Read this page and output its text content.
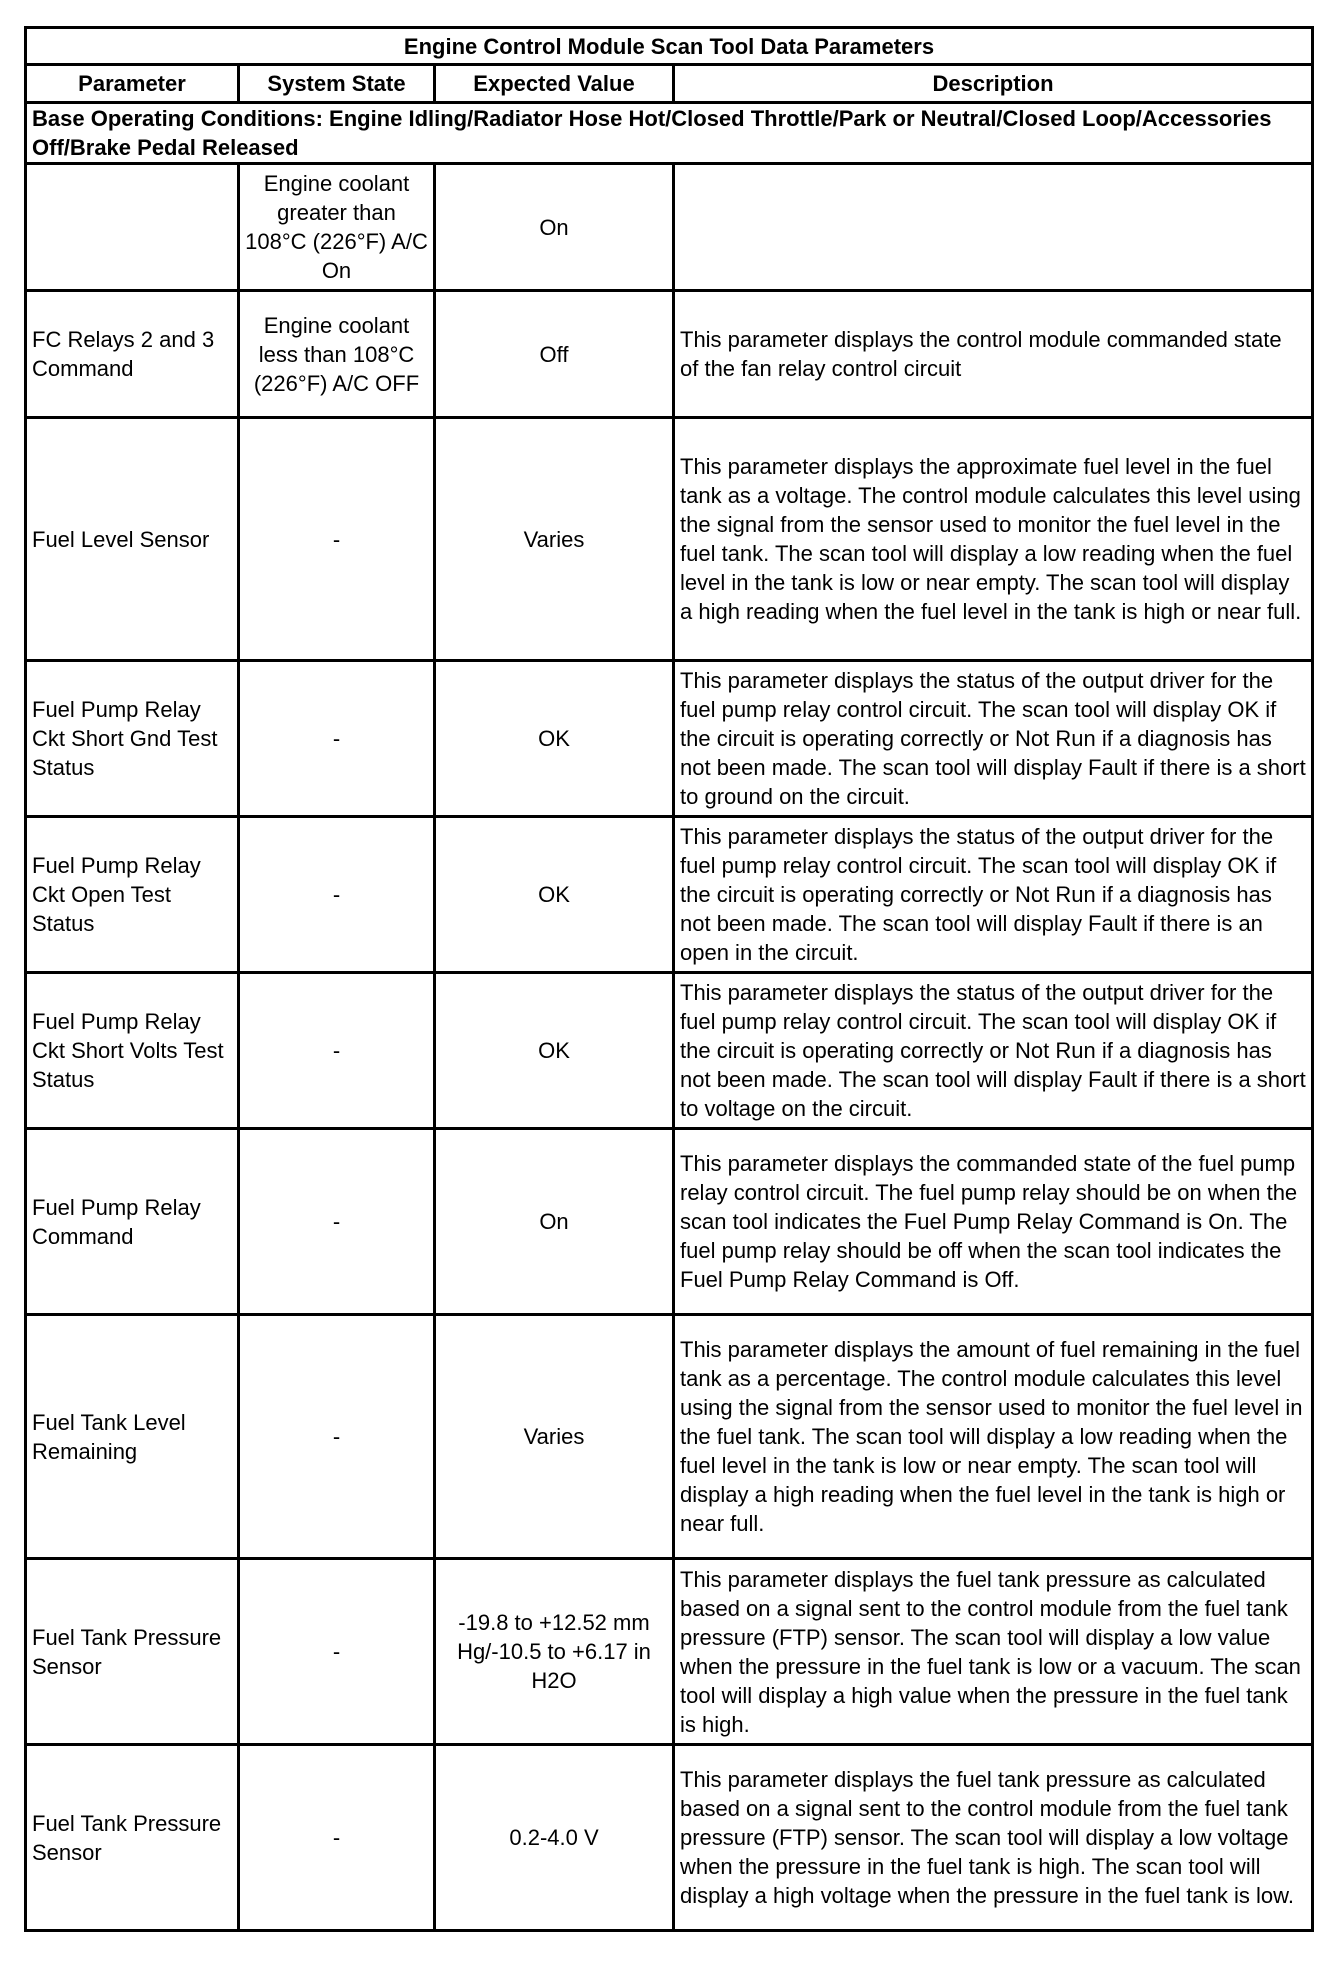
Engine Control Module Scan Tool Data Parameters			
Parameter	System State	Expected Value	Description
Base Operating Conditions: Engine Idling/Radiator Hose Hot/Closed Throttle/Park or Neutral/Closed Loop/Accessories Off/Brake Pedal Released			
	Engine coolant greater than 108°C (226°F) A/C On	On	
FC Relays 2 and 3 Command	Engine coolant less than 108°C (226°F) A/C OFF	Off	This parameter displays the control module commanded state of the fan relay control circuit
Fuel Level Sensor	-	Varies	This parameter displays the approximate fuel level in the fuel tank as a voltage. The control module calculates this level using the signal from the sensor used to monitor the fuel level in the fuel tank. The scan tool will display a low reading when the fuel level in the tank is low or near empty. The scan tool will display a high reading when the fuel level in the tank is high or near full.
Fuel Pump Relay Ckt Short Gnd Test Status	-	OK	This parameter displays the status of the output driver for the fuel pump relay control circuit. The scan tool will display OK if the circuit is operating correctly or Not Run if a diagnosis has not been made. The scan tool will display Fault if there is a short to ground on the circuit.
Fuel Pump Relay Ckt Open Test Status	-	OK	This parameter displays the status of the output driver for the fuel pump relay control circuit. The scan tool will display OK if the circuit is operating correctly or Not Run if a diagnosis has not been made. The scan tool will display Fault if there is an open in the circuit.
Fuel Pump Relay Ckt Short Volts Test Status	-	OK	This parameter displays the status of the output driver for the fuel pump relay control circuit. The scan tool will display OK if the circuit is operating correctly or Not Run if a diagnosis has not been made. The scan tool will display Fault if there is a short to voltage on the circuit.
Fuel Pump Relay Command	-	On	This parameter displays the commanded state of the fuel pump relay control circuit. The fuel pump relay should be on when the scan tool indicates the Fuel Pump Relay Command is On. The fuel pump relay should be off when the scan tool indicates the Fuel Pump Relay Command is Off.
Fuel Tank Level Remaining	-	Varies	This parameter displays the amount of fuel remaining in the fuel tank as a percentage. The control module calculates this level using the signal from the sensor used to monitor the fuel level in the fuel tank. The scan tool will display a low reading when the fuel level in the tank is low or near empty. The scan tool will display a high reading when the fuel level in the tank is high or near full.
Fuel Tank Pressure Sensor	-	-19.8 to +12.52 mm Hg/-10.5 to +6.17 in H2O	This parameter displays the fuel tank pressure as calculated based on a signal sent to the control module from the fuel tank pressure (FTP) sensor. The scan tool will display a low value when the pressure in the fuel tank is low or a vacuum. The scan tool will display a high value when the pressure in the fuel tank is high.
Fuel Tank Pressure Sensor	-	0.2-4.0 V	This parameter displays the fuel tank pressure as calculated based on a signal sent to the control module from the fuel tank pressure (FTP) sensor. The scan tool will display a low voltage when the pressure in the fuel tank is high. The scan tool will display a high voltage when the pressure in the fuel tank is low.
